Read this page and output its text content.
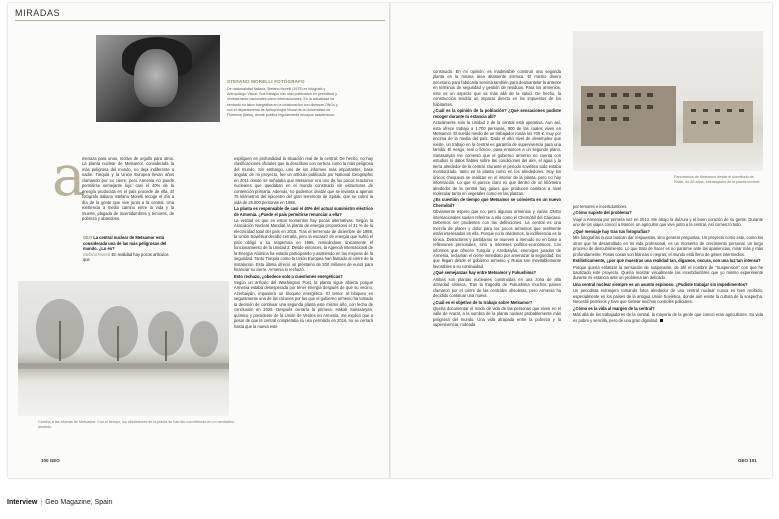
MIRADAS
STEFANO MORELLI FOTÓGRAFO
De nacionalidad italiana, Stefano Morelli (1979) es fotógrafo y Antropólogo Visual. Sus trabajos han sido publicados en periódicos y revistas tanto nacionales como internacionales. En la actualidad ha centrado su labor fotográfica en la colaboración con diversas ONGs y con el departamento de Antropología Visual de la Universidad de Florencia (Italia), donde publica regularmente ensayos académicos.
a

menaza para unos, motivo de orgullo para otros. La planta nuclear de Metsamor, considerada la más peligrosa del mundo, no deja indiferente a nadie. Turquía y la Unión Europea llevan años clamando por su cierre, pero Armenia no puede permitirse semejante lujo: casi el 40% de la energía producida en el país procede de ella. El fotógrafo italiano Stefano Morelli recoge el día a día de la gente que vive junto a la central. Una existencia a medio camino entre la vida y la muerte, plagada de incertidumbres y temores, de pobreza y abandono.

GEO La central nuclear de Metsamor está considerada una de las más peligrosas del mundo. ¿Lo es?
Stefano Morelli En realidad hay pocos artículos que

explíquen en profundidad la situación real de la central. De hecho, no hay clasificaciones oficiales que la describan con certeza como la más peligrosa del mundo. Sin embargo, uno de los informes más importantes, base angular de mi proyecto, fue un artículo publicado por National Geographic en 2011 donde se señalaba que Metsamor era uno de los pocos reactores nucleares que quedaban en el mundo construido sin estructuras de contención primaria. Además, no podemos olvidar que se levanta a apenas 75 kilómetros del epicentro del gran terremoto de Spitak, que se cobró la vida de 25.000 personas en 1988.

La planta es responsable de casi el 40% del actual suministro eléctrico de Armenia. ¿Puede el país permitirse renunciar a ella?

La verdad es que en estos momentos hay pocas alternativas. Según la Asociación Nuclear Mundial, la planta de energía proporcionó el 31 % de la electricidad total del país en 2016. Tras el terremoto de diciembre de 1988, la Unión Soviética decidió cerrarla, pero la escasez de energía que sufrió el país obligó a su reapertura en 1995, reinicándose únicamente el funcionamiento de la Unidad 2. Desde entonces, la Agencia Internacional de la Energía Atómica ha estado participando y asistiendo en las mejoras de la seguridad. Tanto Turquía como la Unión Europea han llamado al cierre de la instalación. Esta última ofreció un préstamo de 200 millones de euros para financiar su cierre. Armenia lo rechazó.

Esto rechazo, ¿obedece solo a cuestiones energéticas?

Según un artículo del Washington Post, la planta sigue abierta porque Armenia estaba desesperada por tener energía después de que su vecino, Azerbaiyán, impusiera un bloqueo energético. El temor al bloqueo es seguramente una de las razones por las que el gobierno armenio ha tomado la decisión de continuar una segunda planta este mismo año, con fecha de conclusión en 2026. Después cerraría la primera. Hakob Sanasaryan, químico y presidente de la Unión de Verdes en Armenia, me explicó que a pesar de que la central completaba su uso permitido en 2016, no se cerrará hasta que la nueva esté

Camino a las afueras de Metsamor. Con el tiempo, los alrededores de la planta se han ido convirtiendo en un verdadero desierto.
100 GEO

construida. En mi opinión, es inadmisible construir una segunda planta en la misma área altamente sísmica. El mismo dinero necesario para fabricarla serviría también para desmantelar la anterior en términos de seguridad y gestión de residuos. Para los armenios, este es un aspecto que va más allá de la salud. De hecho, la construcción tendría un impacto directo en los impuestos de los habitantes.

¿Cuál es la opinión de la población? ¿Qué sensaciones pudiste recoger durante tu estancia allí?

Actualmente solo la Unidad 2 de la central está operativa. Aun así, esta ofrece trabajo a 1.700 personas, 900 de las cuales viven en Metsamor. El sueldo medio de un trabajador ronda los 700 €, muy por encima de la media del país. Dado el alto nivel de desempleo que existe, un trabajo en la central es garantía de supervivencia para una familia. El riesgo, real o ficticio, pasa entonces a un segundo plano. Sanasaryan me comentó que el gobierno armenio no cuenta con estudios ni datos fiables sobre las condiciones del aire, el agua y la tierra alrededor de la central. Durante el periodo soviético todo estaba monitorizado, tanto en la planta como en los alrededores. Hoy los únicos chequeos se realizan en el interior de la planta, pero no hay información. Lo que sí parece claro es que dentro de un kilómetro alrededor de la central hay gases que producen cambios a nivel molecular tanto en vegetales como en las plantas.

¿Es cuestión de tiempo que Metsamor se convierta en un nuevo Chernóbil?

Obviamente espero que no, pero algunos armenios y varias ONGs internacionales suelen referirse a ella como el Chernóbil del Cáucaso. Debemos ser prudentes con las definiciones. La central es una mezcla de placer y dolor para los pocos armenios que realmente están interesados en ella. Porque no lo olvidemos, la indiferencia es la tónica. Detractores y partidarios se mueven a menudo no en base a reflexiones personales, sino a intereses político-económicos. Los informes que ofrecen Turquía y Azerbaiyán, enemigos jurados de Armenia, reclaman el cierre inmediato por amenazar la seguridad, los que llegan desde el gobierno armenio y Rusia son inevitablemente favorables a su continuidad.

¿Qué semejanzas hay entre Metsamor y Fukushima?

Ambas son plantas nucleares construidas en una zona de alta actividad sísmica. Tras la tragedia de Fukushima muchos países clamaron por el cierre de las centrales obsoletas, pero Armenia ha decidido continuar una nueva.

¿Cuál es el objetivo de tu trabajo sobre Metsamor?

Quería documentar el modo de vida de las personas que viven en el valle de Ararat, a la sombra de la planta nuclear probablemente más peligrosa del mundo. Una vida atrapada entre la pobreza y la supervivencia, rodeada

Panorámica de Metsamor desde el dormitorio de Rasik, de 88 años, extrabajador de la planta nuclear.

por temores e incertidumbres.

¿Cómo supiste del problema?

Viajé a Armenia por primera vez en 2013. Me atrajo la dulzura y el buen corazón de su gente. Durante uno de los viajes conocí a Marcel, un agricultor que vive junto a la central. Así comenzó todo.

¿Qué mensaje hay tras tus fotografías?

Mis fotografías nunca buscan dar respuestas, sino generar preguntas. Un proyecto como este, como los otros que he desarrollado en mi vida profesional, es un momento de crecimiento personal, un largo proceso de descubrimiento. Lo que trato de hacer es no pararme ante las apariencias, mirar más y más profundamente. Posas cosas son blancas o negras, el mundo está lleno de grises intermedios.

Estilísticamente, ¿por qué muestras una realidad tan, digamos, oscura, con una luz tan intensa?

Porque quería enfatizar la sensación de suspensión, de ahí el nombre de "Suspension" con que he bautizado este proyecto. Quería mostrar visualmente las incertidumbres que yo mismo experimenté durante mi estancia ante un problema tan delicado.

Una central nuclear siempre es un asunto espinoso. ¿Pudiste trabajar sin impedimentos?

Un periodista extranjero tomando fotos alrededor de una central nuclear nunca es bien recibido, especialmente en los países de la antigua Unión Soviética, donde aún existe la cultura de la sospecha. Necesité permisos y tuve que sortear muchos controles policiales.

¿Cómo es la vida al margen de la central?

Más allá de los trabajadores de la central, la mayoría de la gente que conoci eran agricultores. Su vida es pobre y sencilla, pero de una gran dignidad.

GEO 101
Interview | Geo Magazine, Spain
